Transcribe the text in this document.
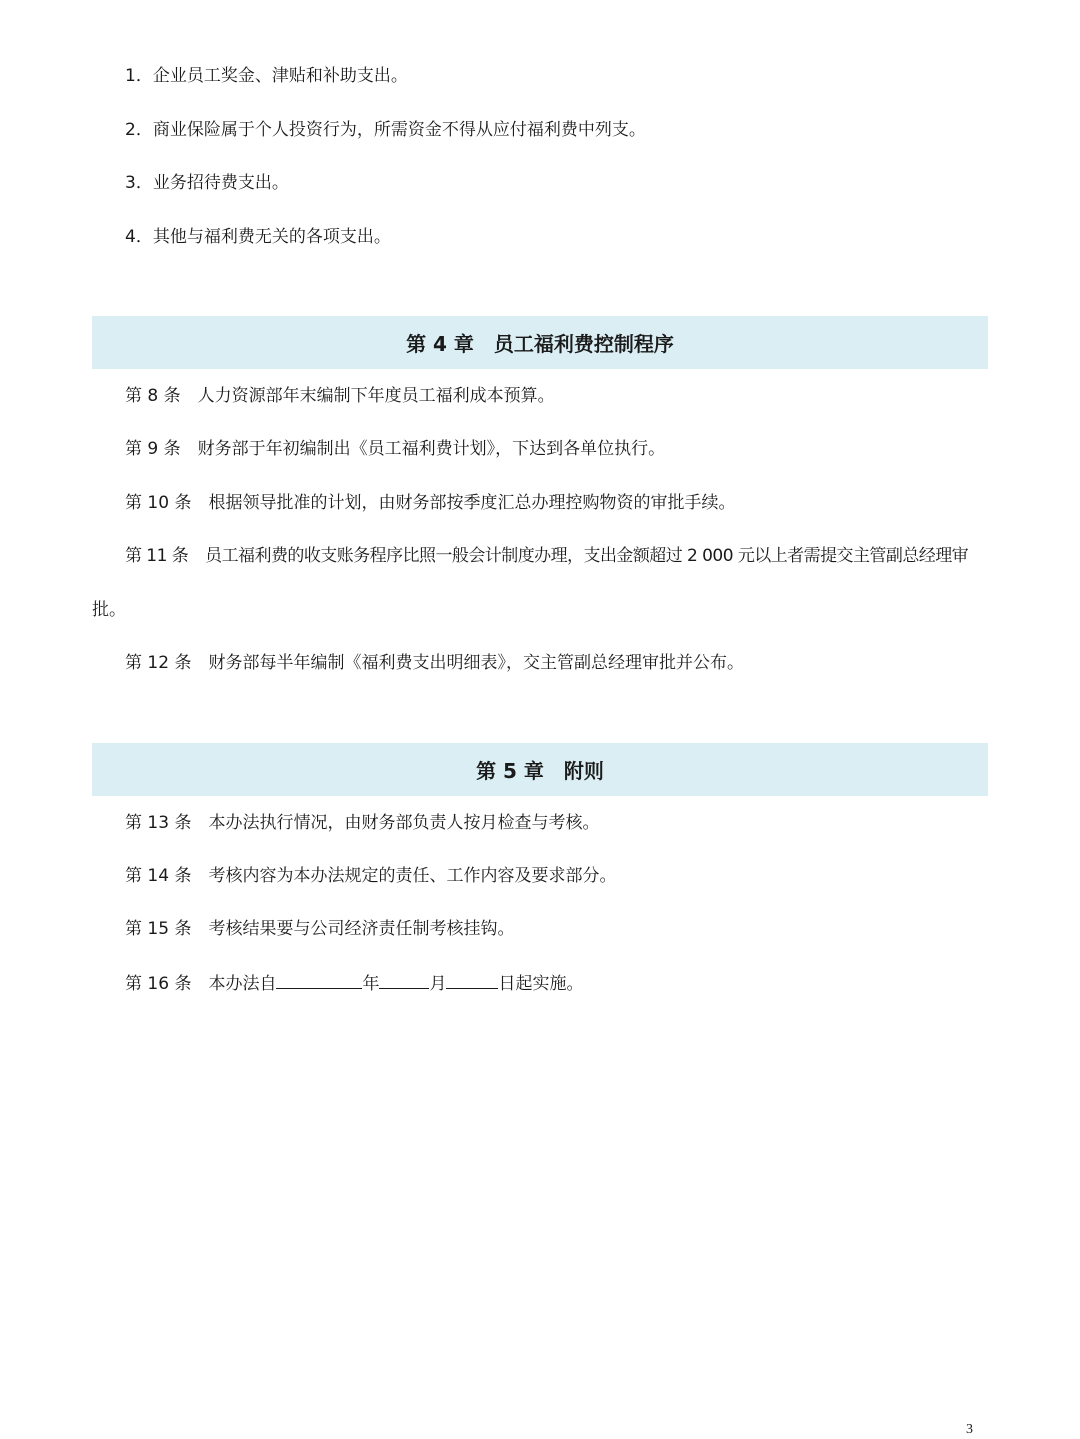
1．企业员工奖金、津贴和补助支出。
2．商业保险属于个人投资行为，所需资金不得从应付福利费中列支。
3．业务招待费支出。
4．其他与福利费无关的各项支出。
第 4 章 员工福利费控制程序
第 8 条 人力资源部年末编制下年度员工福利成本预算。
第 9 条 财务部于年初编制出《员工福利费计划》，下达到各单位执行。
第 10 条 根据领导批准的计划，由财务部按季度汇总办理控购物资的审批手续。
第 11 条 员工福利费的收支账务程序比照一般会计制度办理，支出金额超过 2 000 元以上者需提交主管副总经理审
批。
第 12 条 财务部每半年编制《福利费支出明细表》，交主管副总经理审批并公布。
第 5 章 附则
第 13 条 本办法执行情况，由财务部负责人按月检查与考核。
第 14 条 考核内容为本办法规定的责任、工作内容及要求部分。
第 15 条 考核结果要与公司经济责任制考核挂钩。
第 16 条 本办法自	年	月	日起实施。
3
